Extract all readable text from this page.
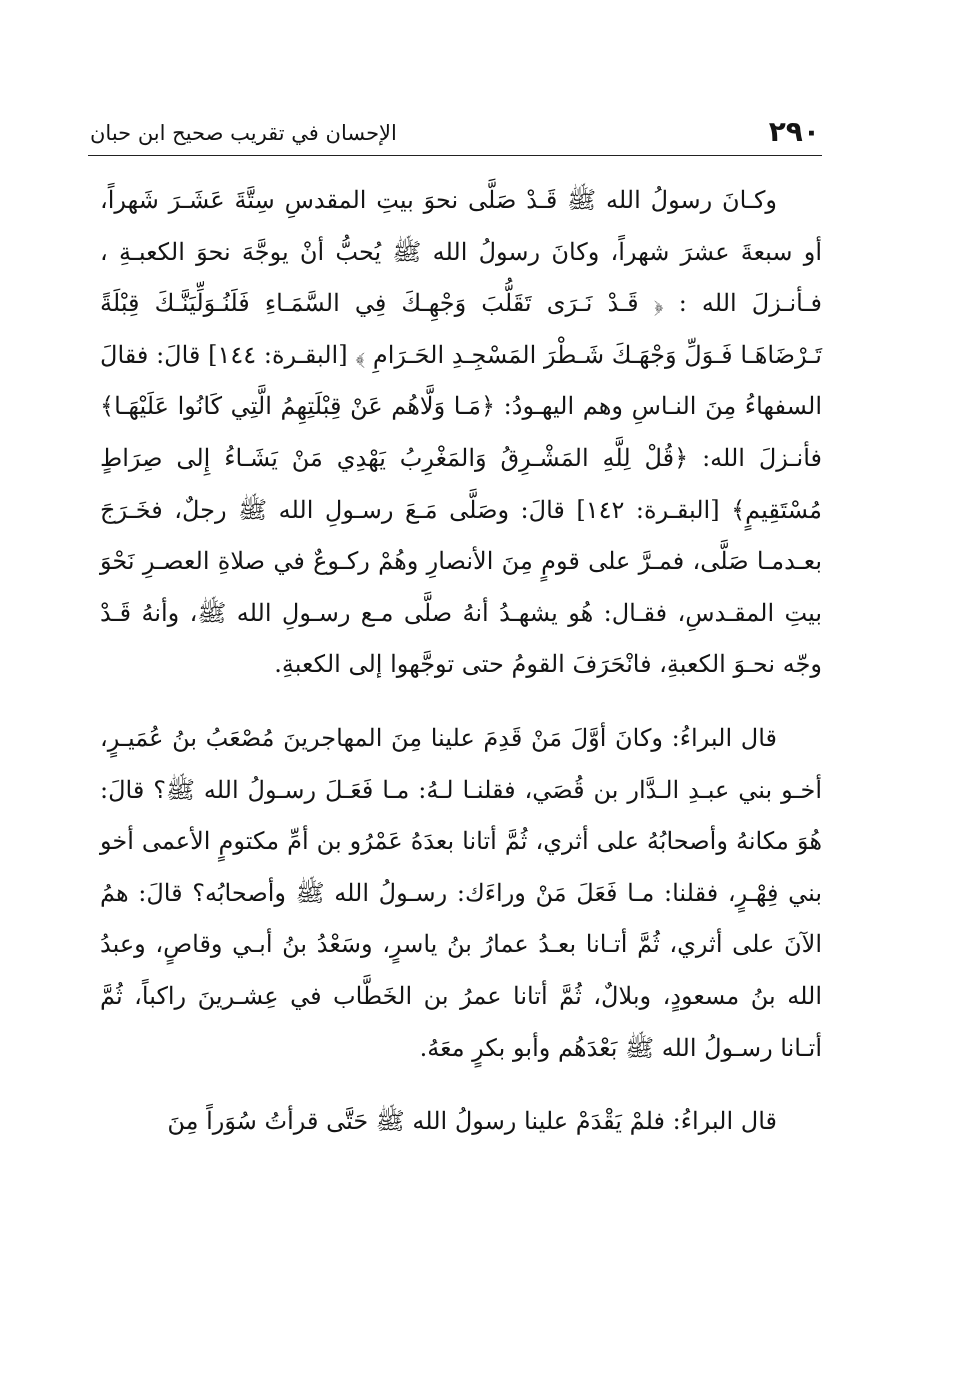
٢٩٠
الإحسان في تقريب صحيح ابن حبان

وكـانَ رسولُ الله ﷺ قَـدْ صَلَّى نحوَ بيتِ المقدسِ سِتَّةَ عَشَـرَ شَهراً، أو سبعةَ عشرَ شهراً، وكانَ رسولُ الله ﷺ يُحبُّ أنْ يوجَّهَ نحوَ الكعبـةِ ، فـأنـزلَ الله : ﴿ قَـدْ نَـرَى تَقَلُّبَ وَجْهِـكَ فِي السَّمَـاءِ فَلَنُـوَلِّيَنَّـكَ قِبْلَةً تَـرْضَاهَـا فَـوَلِّ وَجْهَـكَ شَـطْرَ المَسْجِـدِ الحَـرَامِ ﴾ [البقـرة: ١٤٤] قالَ: فقالَ السفهاءُ مِنَ النـاسِ وهم اليهـودُ: ﴿مَـا وَلَّاهُم عَنْ قِبْلَتِهِمُ الَّتِي كَانُوا عَلَيْهَـا﴾ فأنـزلَ الله: ﴿قُلْ لِلَّهِ المَشْـرِقُ وَالمَغْرِبُ يَهْدِي مَنْ يَشَـاءُ إِلى صِرَاطٍ مُسْتَقِيمٍ﴾ [البقـرة: ١٤٢] قالَ: وصَلَّى مَـعَ رسـولِ الله ﷺ رجلٌ، فخَـرَجَ بعـدمـا صَلَّى، فمـرَّ على قومٍ مِنَ الأنصارِ وهُمْ ركـوعٌ في صلاةِ العصـرِ نَحْوَ بيتِ المقـدسِ، فقـال: هُو يشهـدُ أنهُ صلَّى مـع رسـولِ الله ﷺ، وأنهُ قَـدْ وجّه نحـوَ الكعبةِ، فانْحَرَفَ القومُ حتى توجَّهوا إلى الكعبةِ.

قال البراءُ: وكانَ أوَّلَ مَنْ قَدِمَ علينا مِنَ المهاجرينَ مُصْعَبُ بنُ عُمَيـرٍ، أخـو بني عبـدِ الـدَّار بن قُصَي، فقلنـا لـهُ: مـا فَعَـلَ رسـولُ الله ﷺ؟ قالَ: هُوَ مكانهُ وأصحابُهُ على أثري، ثُمَّ أتانا بعدَهُ عَمْرُو بن أمِّ مكتومٍ الأعمى أخو بني فِهْـرٍ، فقلنا: مـا فَعَلَ مَنْ وراءَك: رسـولُ الله ﷺ وأصحابُه؟ قالَ: همُ الآنَ على أثري، ثُمَّ أتـانا بعـدُ عمارُ بنُ ياسرٍ، وسَعْدُ بنُ أبـي وقاصٍ، وعبدُ الله بنُ مسعودٍ، وبلالٌ، ثُمَّ أتانا عمرُ بن الخَطَّاب في عِشـرينَ راكباً، ثُمَّ أتـانا رسـولُ الله ﷺ بَعْدَهُم وأبو بكرٍ معَهُ.

قال البراءُ: فلمْ يَقْدَمْ علينا رسولُ الله ﷺ حَتَّى قرأتُ سُوَراً مِنَ
